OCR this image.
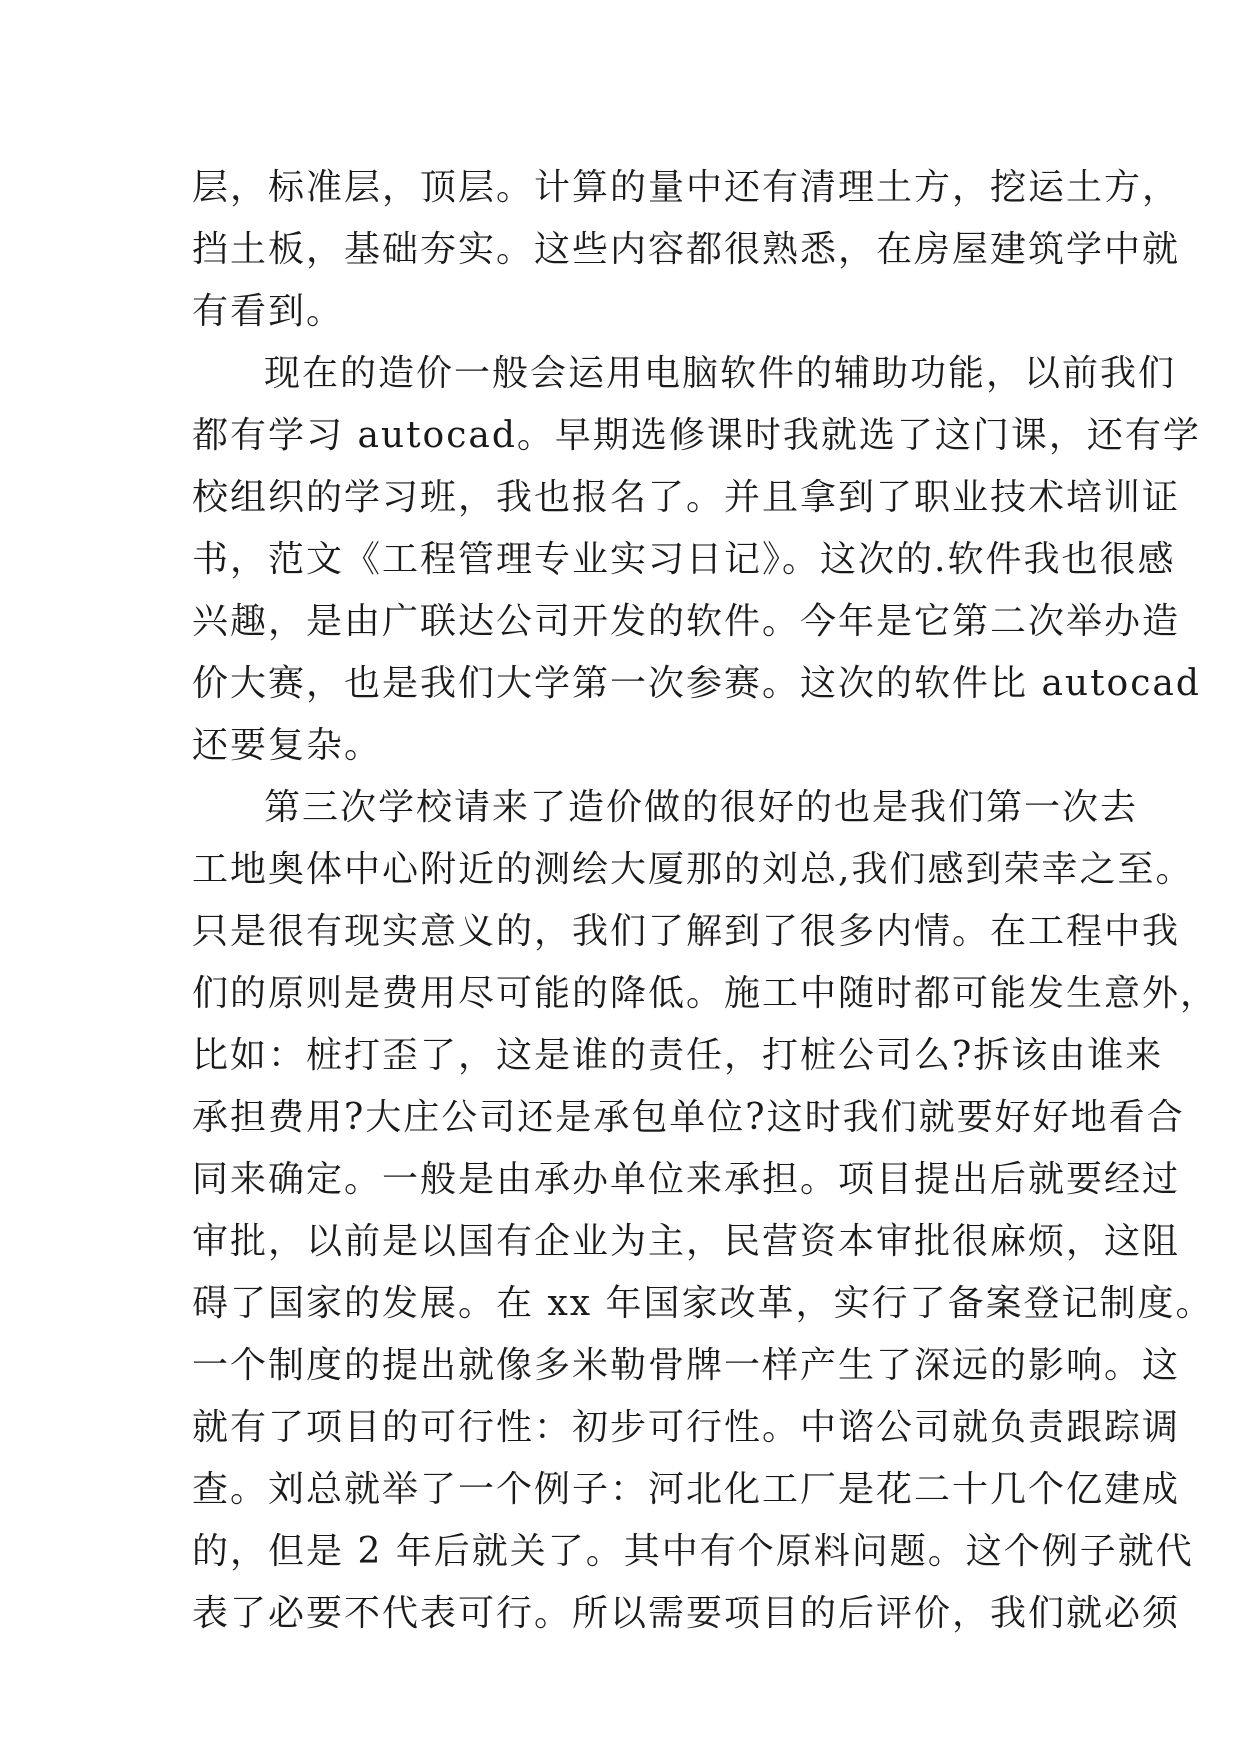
层，标准层，顶层。计算的量中还有清理土方，挖运土方，
挡土板，基础夯实。这些内容都很熟悉，在房屋建筑学中就
有看到。
现在的造价一般会运用电脑软件的辅助功能，以前我们
都有学习 autocad。早期选修课时我就选了这门课，还有学
校组织的学习班，我也报名了。并且拿到了职业技术培训证
书，范文《工程管理专业实习日记》。这次的.软件我也很感
兴趣，是由广联达公司开发的软件。今年是它第二次举办造
价大赛，也是我们大学第一次参赛。这次的软件比 autocad
还要复杂。
第三次学校请来了造价做的很好的也是我们第一次去
工地奥体中心附近的测绘大厦那的刘总,我们感到荣幸之至。
只是很有现实意义的，我们了解到了很多内情。在工程中我
们的原则是费用尽可能的降低。施工中随时都可能发生意外，
比如：桩打歪了，这是谁的责任，打桩公司么?拆该由谁来
承担费用?大庄公司还是承包单位?这时我们就要好好地看合
同来确定。一般是由承办单位来承担。项目提出后就要经过
审批，以前是以国有企业为主，民营资本审批很麻烦，这阻
碍了国家的发展。在 xx 年国家改革，实行了备案登记制度。
一个制度的提出就像多米勒骨牌一样产生了深远的影响。这
就有了项目的可行性：初步可行性。中谘公司就负责跟踪调
查。刘总就举了一个例子：河北化工厂是花二十几个亿建成
的，但是 2 年后就关了。其中有个原料问题。这个例子就代
表了必要不代表可行。所以需要项目的后评价，我们就必须
